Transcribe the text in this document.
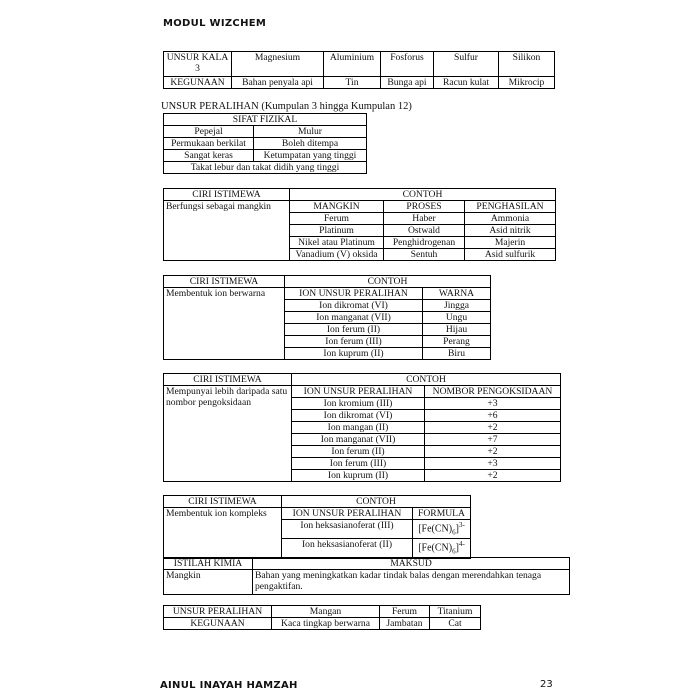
MODUL WIZCHEM
UNSUR KALA 3	Magnesium	Aluminium	Fosforus	Sulfur	Silikon
KEGUNAAN	Bahan penyala api	Tin	Bunga api	Racun kulat	Mikrocip
UNSUR PERALIHAN (Kumpulan 3 hingga Kumpulan 12)
SIFAT FIZIKAL	
Pepejal	Mulur
Permukaan berkilat	Boleh ditempa
Sangat keras	Ketumpatan yang tinggi
Takat lebur dan takat didih yang tinggi	
CIRI ISTIMEWA	CONTOH		
Berfungsi sebagai mangkin	MANGKIN	PROSES	PENGHASILAN
	Ferum	Haber	Ammonia
	Platinum	Ostwald	Asid nitrik
	Nikel atau Platinum	Penghidrogenan	Majerin
	Vanadium (V) oksida	Sentuh	Asid sulfurik
CIRI ISTIMEWA	CONTOH	
Membentuk ion berwarna	ION UNSUR PERALIHAN	WARNA
	Ion dikromat (VI)	Jingga
	Ion manganat (VII)	Ungu
	Ion ferum (II)	Hijau
	Ion ferum (III)	Perang
	Ion kuprum (II)	Biru
CIRI ISTIMEWA	CONTOH	
Mempunyai lebih daripada satu nombor pengoksidaan	ION UNSUR PERALIHAN	NOMBOR PENGOKSIDAAN
	Ion kromium (III)	+3
	Ion dikromat (VI)	+6
	Ion mangan (II)	+2
	Ion manganat (VII)	+7
	Ion ferum (II)	+2
	Ion ferum (III)	+3
	Ion kuprum (II)	+2
CIRI ISTIMEWA	CONTOH	
Membentuk ion kompleks	ION UNSUR PERALIHAN	FORMULA
	Ion heksasianoferat (III)	$[Fe(CN)_6]^{3-}$
	Ion heksasianoferat (II)	$[Fe(CN)_6]^{4-}$
ISTILAH KIMIA	MAKSUD
Mangkin	Bahan yang meningkatkan kadar tindak balas dengan merendahkan tenaga pengaktifan.
UNSUR PERALIHAN	Mangan	Ferum	Titanium
KEGUNAAN	Kaca tingkap berwarna	Jambatan	Cat
AINUL INAYAH HAMZAH	23
